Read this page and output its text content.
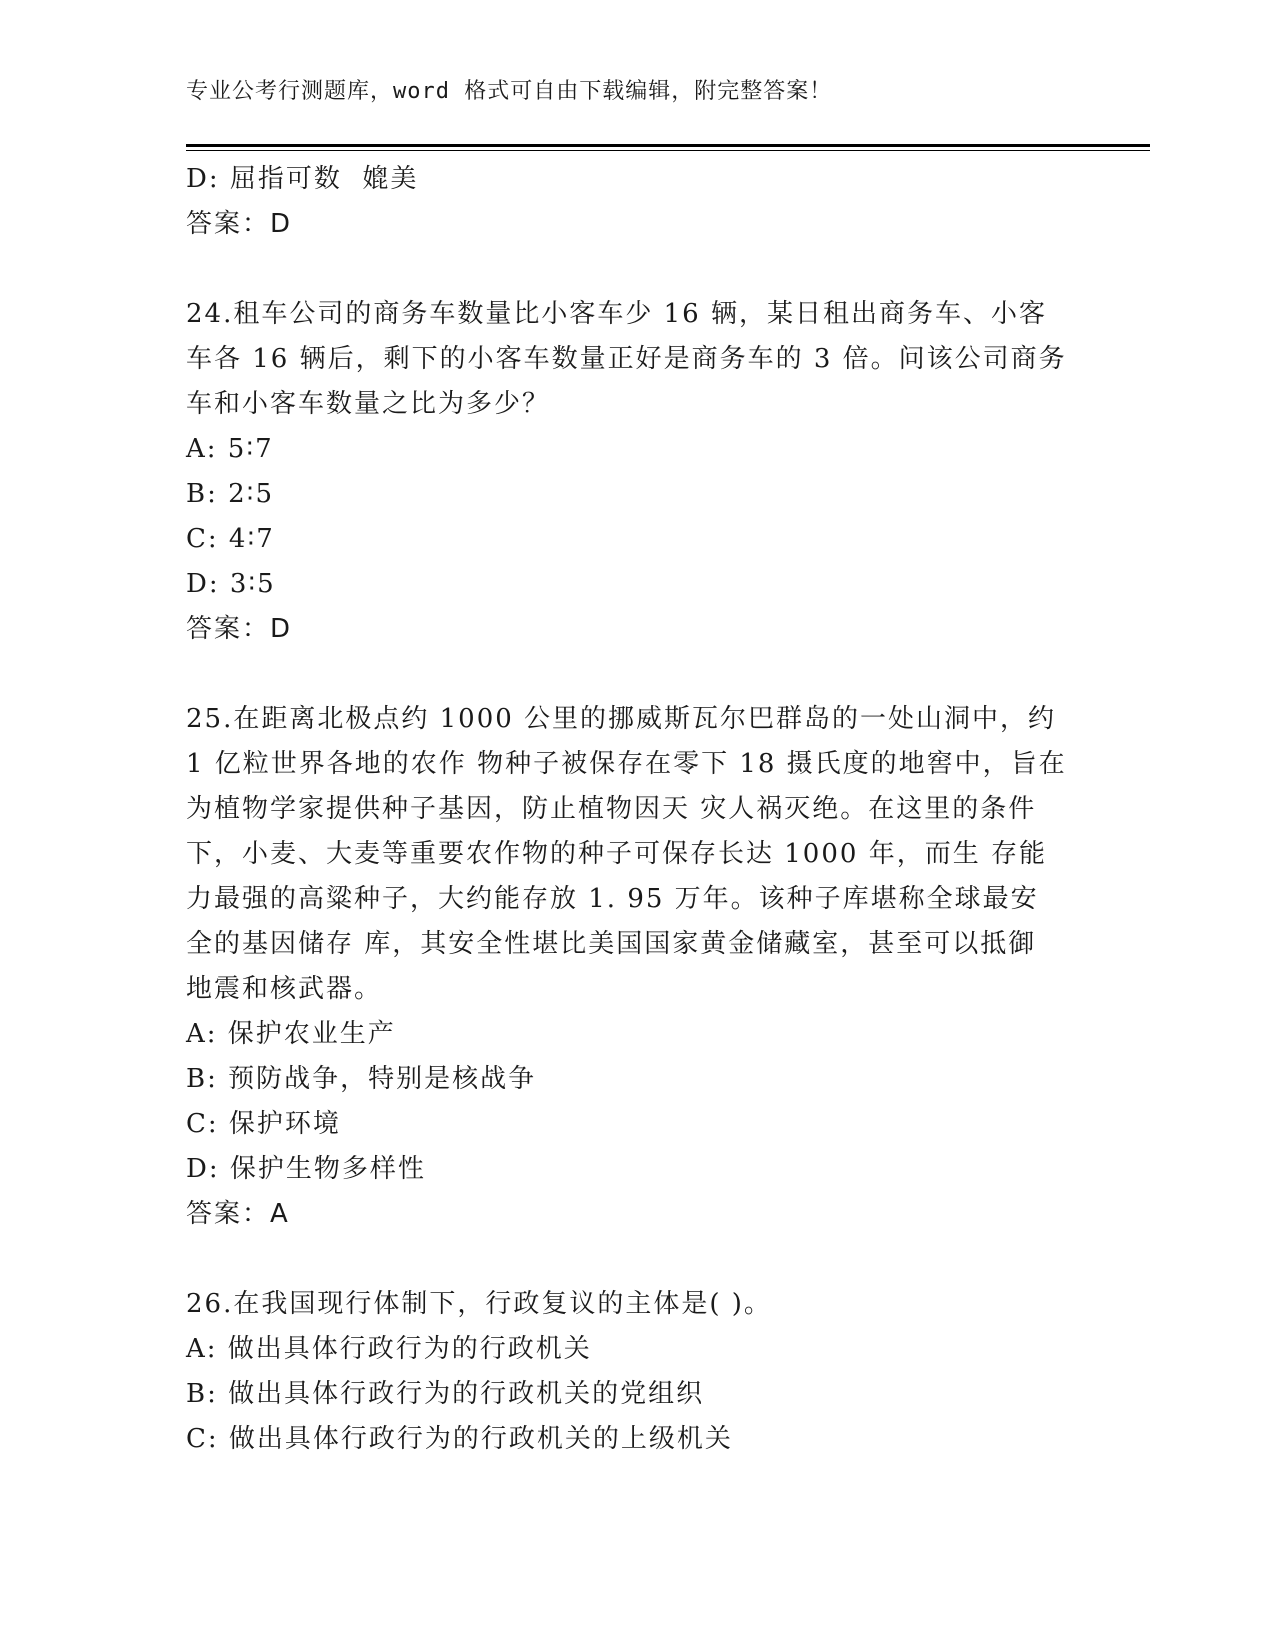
专业公考行测题库，word 格式可自由下载编辑，附完整答案！
D: 屈指可数  媲美
答案：D
24.租车公司的商务车数量比小客车少 16 辆，某日租出商务车、小客
车各 16 辆后，剩下的小客车数量正好是商务车的 3 倍。问该公司商务
车和小客车数量之比为多少？
A: 5∶7
B: 2∶5
C: 4∶7
D: 3∶5
答案：D
25.在距离北极点约 1000 公里的挪威斯瓦尔巴群岛的一处山洞中，约
1 亿粒世界各地的农作 物种子被保存在零下 18 摄氏度的地窖中，旨在
为植物学家提供种子基因，防止植物因天 灾人祸灭绝。在这里的条件
下，小麦、大麦等重要农作物的种子可保存长达 1000 年，而生 存能
力最强的高粱种子，大约能存放 1. 95 万年。该种子库堪称全球最安
全的基因储存 库，其安全性堪比美国国家黄金储藏室，甚至可以抵御
地震和核武器。
A: 保护农业生产
B: 预防战争，特别是核战争
C: 保护环境
D: 保护生物多样性
答案：A
26.在我国现行体制下，行政复议的主体是( )。
A: 做出具体行政行为的行政机关
B: 做出具体行政行为的行政机关的党组织
C: 做出具体行政行为的行政机关的上级机关
